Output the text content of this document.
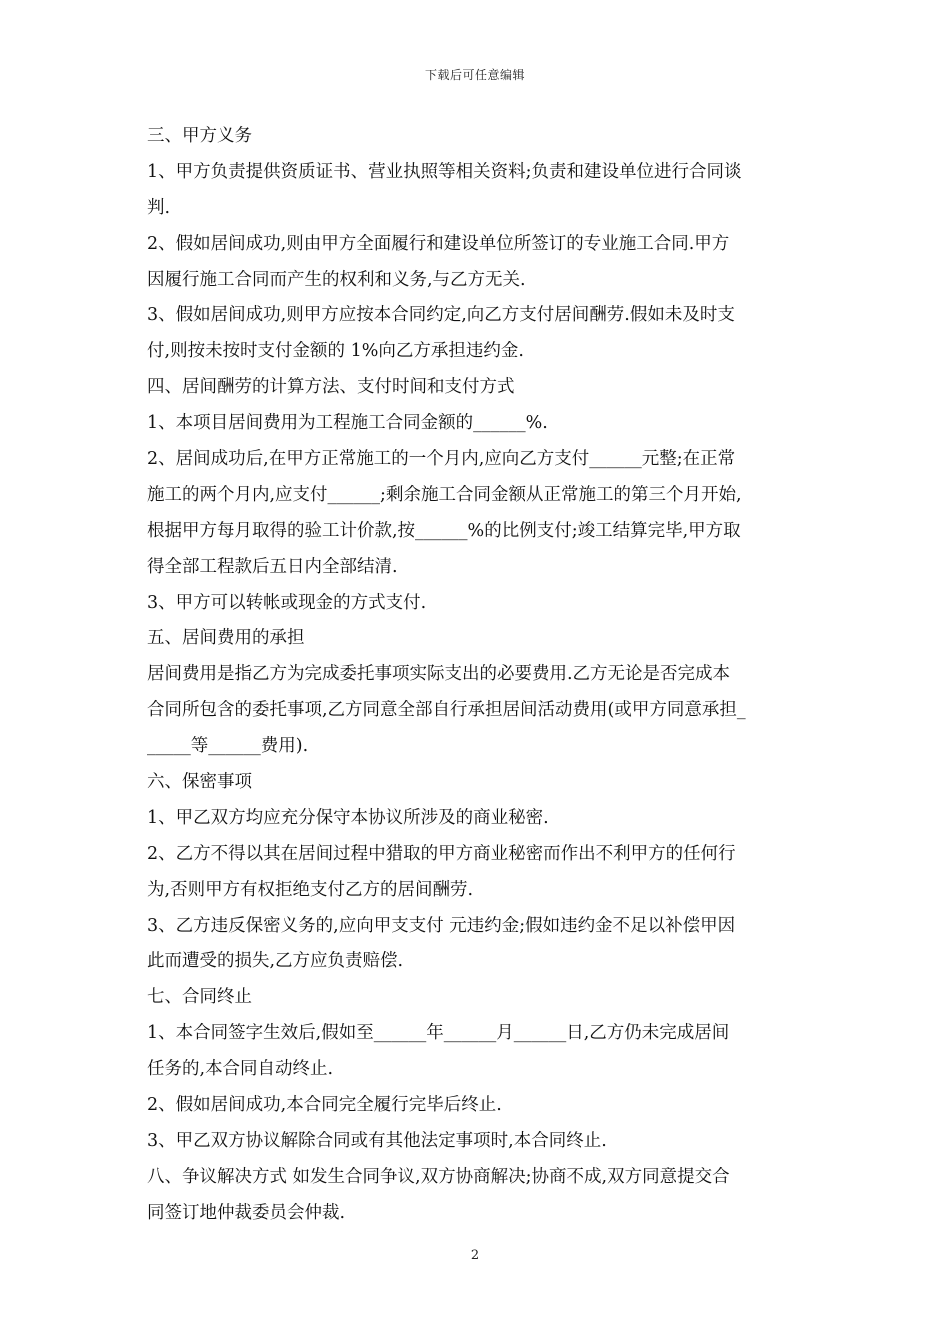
下载后可任意编辑
三、甲方义务
1、甲方负责提供资质证书、营业执照等相关资料;负责和建设单位进行合同谈
判.
2、假如居间成功,则由甲方全面履行和建设单位所签订的专业施工合同.甲方
因履行施工合同而产生的权利和义务,与乙方无关.
3、假如居间成功,则甲方应按本合同约定,向乙方支付居间酬劳.假如未及时支
付,则按未按时支付金额的 1%向乙方承担违约金.
四、居间酬劳的计算方法、支付时间和支付方式
1、本项目居间费用为工程施工合同金额的______%.
2、居间成功后,在甲方正常施工的一个月内,应向乙方支付______元整;在正常
施工的两个月内,应支付______;剩余施工合同金额从正常施工的第三个月开始,
根据甲方每月取得的验工计价款,按______%的比例支付;竣工结算完毕,甲方取
得全部工程款后五日内全部结清.
3、甲方可以转帐或现金的方式支付.
五、居间费用的承担
居间费用是指乙方为完成委托事项实际支出的必要费用.乙方无论是否完成本
合同所包含的委托事项,乙方同意全部自行承担居间活动费用(或甲方同意承担_
_____等______费用).
六、保密事项
1、甲乙双方均应充分保守本协议所涉及的商业秘密.
2、乙方不得以其在居间过程中猎取的甲方商业秘密而作出不利甲方的任何行
为,否则甲方有权拒绝支付乙方的居间酬劳.
3、乙方违反保密义务的,应向甲支支付 元违约金;假如违约金不足以补偿甲因
此而遭受的损失,乙方应负责赔偿.
七、合同终止
1、本合同签字生效后,假如至______年______月______日,乙方仍未完成居间
任务的,本合同自动终止.
2、假如居间成功,本合同完全履行完毕后终止.
3、甲乙双方协议解除合同或有其他法定事项时,本合同终止.
八、争议解决方式 如发生合同争议,双方协商解决;协商不成,双方同意提交合
同签订地仲裁委员会仲裁.
2
